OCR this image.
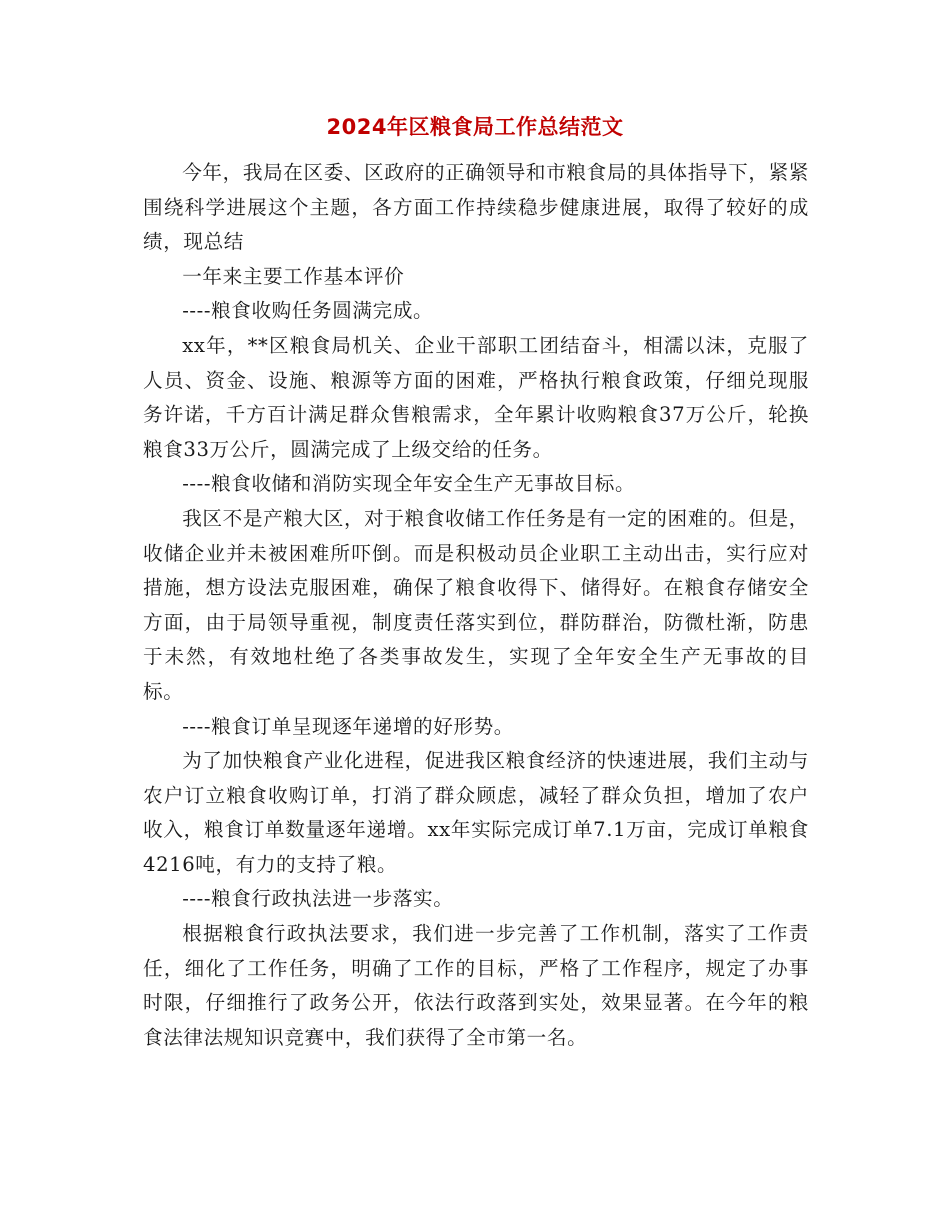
2024年区粮食局工作总结范文

今年，我局在区委、区政府的正确领导和市粮食局的具体指导下，紧紧围绕科学进展这个主题，各方面工作持续稳步健康进展，取得了较好的成绩，现总结

一年来主要工作基本评价

----粮食收购任务圆满完成。

xx年，**区粮食局机关、企业干部职工团结奋斗，相濡以沫，克服了人员、资金、设施、粮源等方面的困难，严格执行粮食政策，仔细兑现服务许诺，千方百计满足群众售粮需求，全年累计收购粮食37万公斤，轮换粮食33万公斤，圆满完成了上级交给的任务。

----粮食收储和消防实现全年安全生产无事故目标。

我区不是产粮大区，对于粮食收储工作任务是有一定的困难的。但是，收储企业并未被困难所吓倒。而是积极动员企业职工主动出击，实行应对措施，想方设法克服困难，确保了粮食收得下、储得好。在粮食存储安全方面，由于局领导重视，制度责任落实到位，群防群治，防微杜渐，防患于未然，有效地杜绝了各类事故发生，实现了全年安全生产无事故的目标。

----粮食订单呈现逐年递增的好形势。

为了加快粮食产业化进程，促进我区粮食经济的快速进展，我们主动与农户订立粮食收购订单，打消了群众顾虑，减轻了群众负担，增加了农户收入，粮食订单数量逐年递增。xx年实际完成订单7.1万亩，完成订单粮食4216吨，有力的支持了粮。

----粮食行政执法进一步落实。

根据粮食行政执法要求，我们进一步完善了工作机制，落实了工作责任，细化了工作任务，明确了工作的目标，严格了工作程序，规定了办事时限，仔细推行了政务公开，依法行政落到实处，效果显著。在今年的粮食法律法规知识竞赛中，我们获得了全市第一名。
